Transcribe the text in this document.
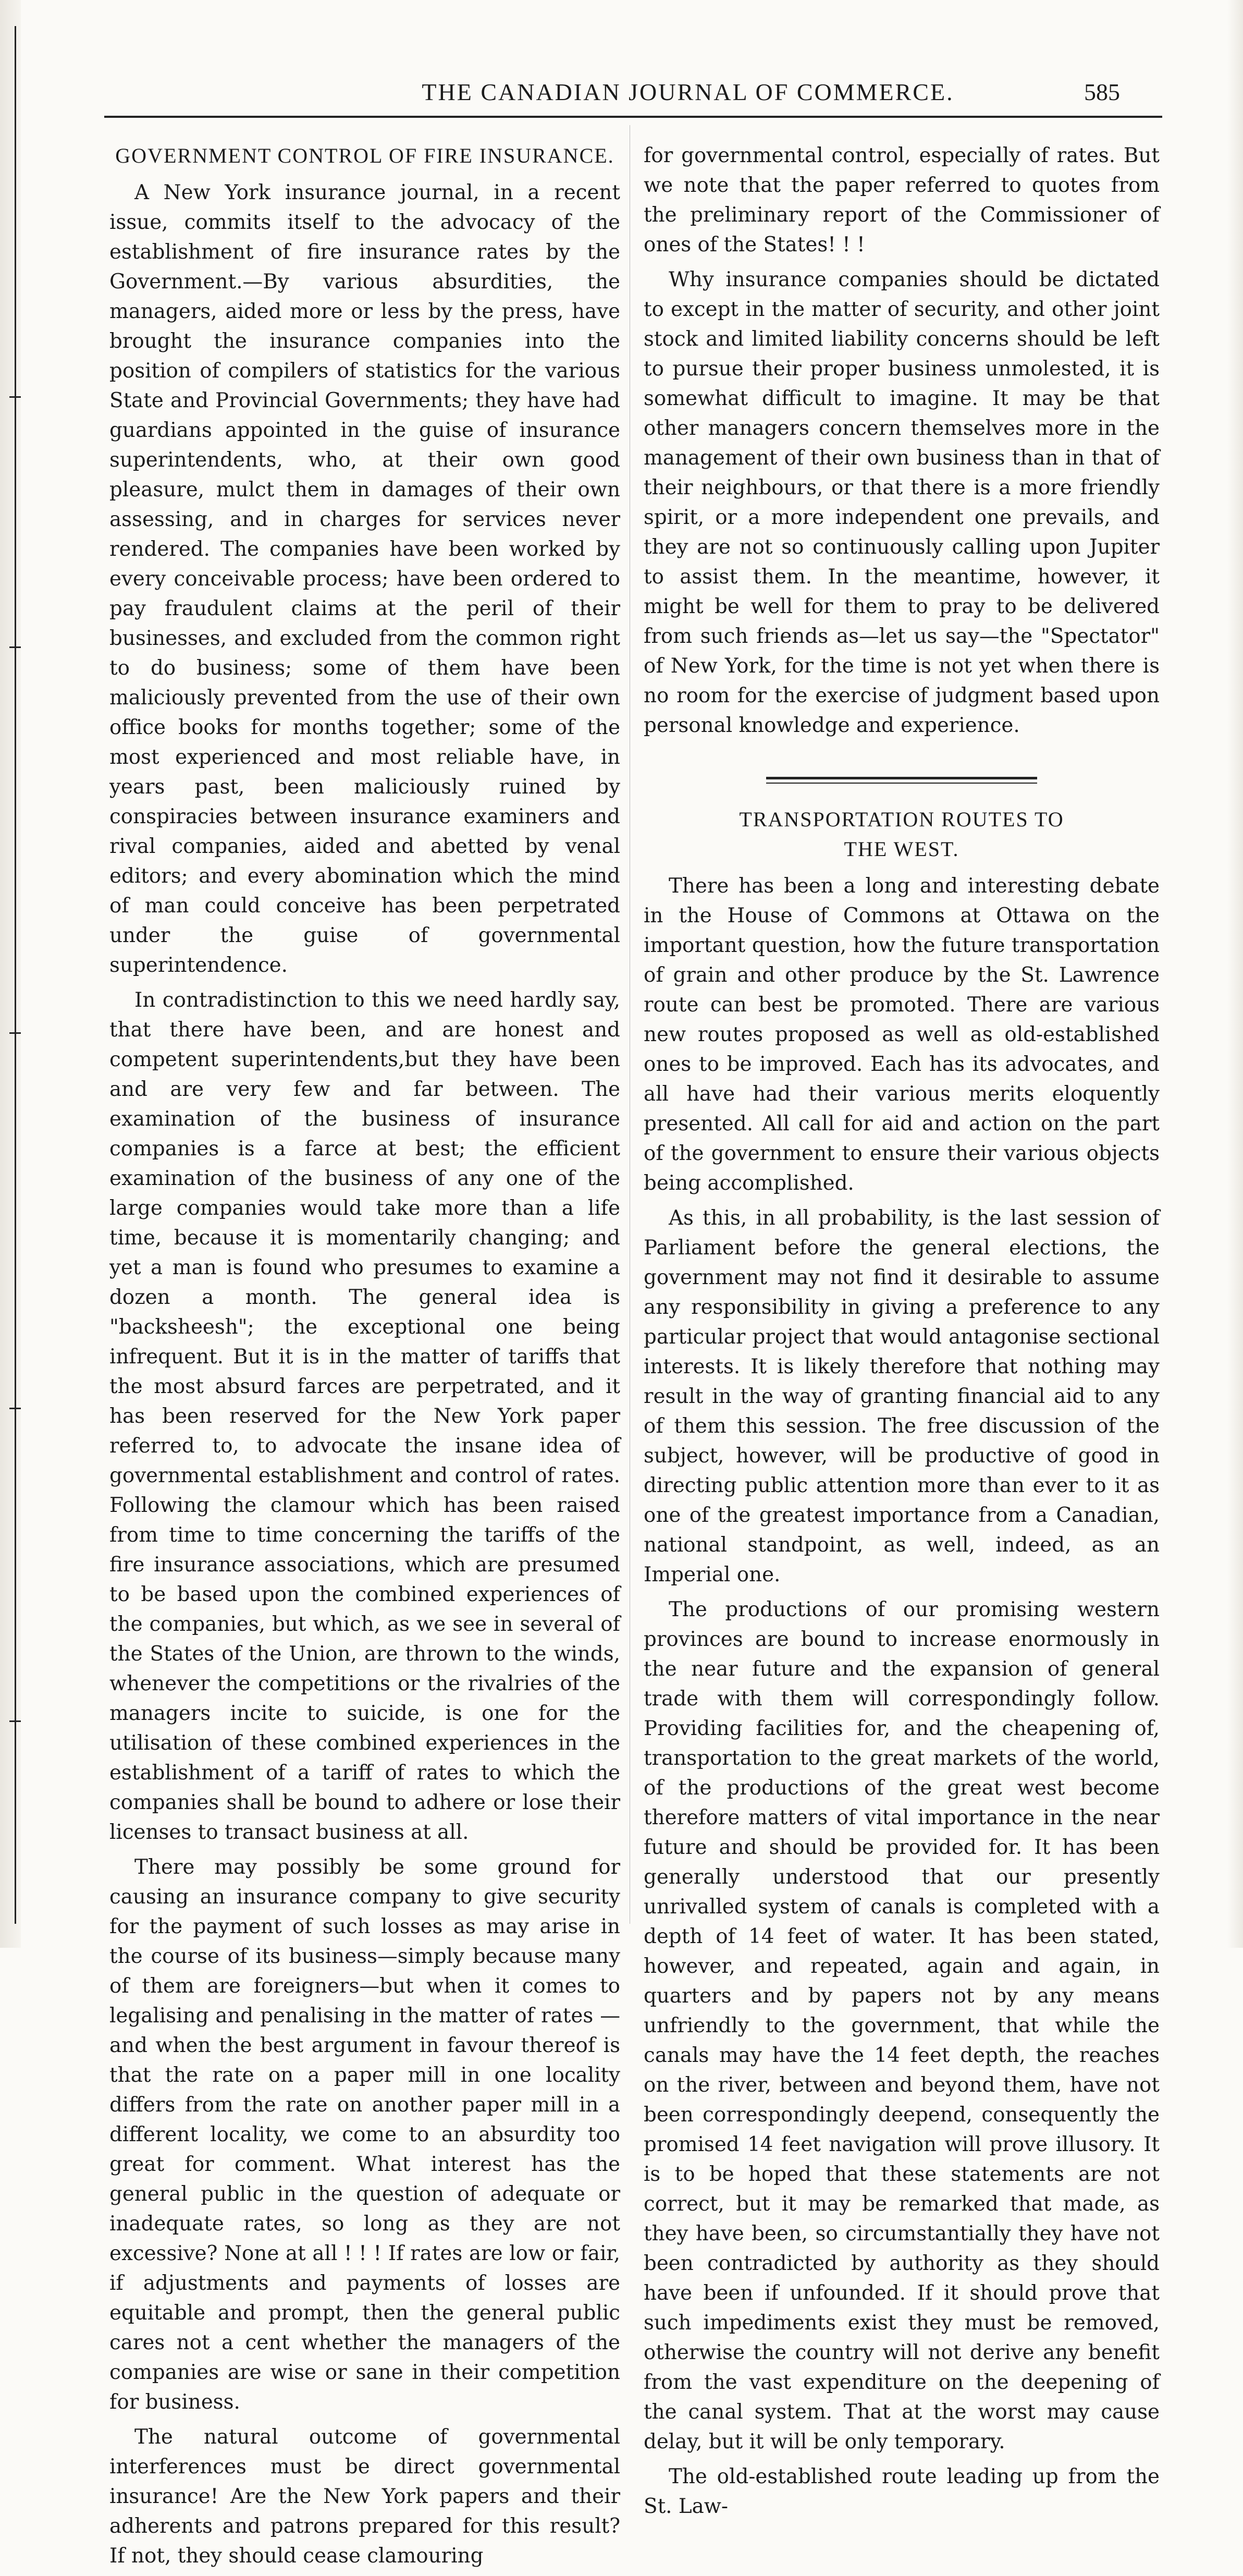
THE CANADIAN JOURNAL OF COMMERCE.	585
GOVERNMENT CONTROL OF FIRE INSURANCE.

A New York insurance journal, in a recent issue, commits itself to the advocacy of the establishment of fire insurance rates by the Government.—By various absurdities, the managers, aided more or less by the press, have brought the insurance companies into the position of compilers of statistics for the various State and Provincial Governments; they have had guardians appointed in the guise of insurance superintendents, who, at their own good pleasure, mulct them in damages of their own assessing, and in charges for services never rendered. The companies have been worked by every conceivable process; have been ordered to pay fraudulent claims at the peril of their businesses, and excluded from the common right to do business; some of them have been maliciously prevented from the use of their own office books for months together; some of the most experienced and most reliable have, in years past, been maliciously ruined by conspiracies between insurance examiners and rival companies, aided and abetted by venal editors; and every abomination which the mind of man could conceive has been perpetrated under the guise of governmental superintendence.

In contradistinction to this we need hardly say, that there have been, and are honest and competent superintendents,but they have been and are very few and far between. The examination of the business of insurance companies is a farce at best; the efficient examination of the business of any one of the large companies would take more than a life time, because it is momentarily changing; and yet a man is found who presumes to examine a dozen a month. The general idea is "backsheesh"; the exceptional one being infrequent. But it is in the matter of tariffs that the most absurd farces are perpetrated, and it has been reserved for the New York paper referred to, to advocate the insane idea of governmental establishment and control of rates. Following the clamour which has been raised from time to time concerning the tariffs of the fire insurance associations, which are presumed to be based upon the combined experiences of the companies, but which, as we see in several of the States of the Union, are thrown to the winds, whenever the competitions or the rivalries of the managers incite to suicide, is one for the utilisation of these combined experiences in the establishment of a tariff of rates to which the companies shall be bound to adhere or lose their licenses to transact business at all.

There may possibly be some ground for causing an insurance company to give security for the payment of such losses as may arise in the course of its business—simply because many of them are foreigners—but when it comes to legalising and penalising in the matter of rates —and when the best argument in favour thereof is that the rate on a paper mill in one locality differs from the rate on another paper mill in a different locality, we come to an absurdity too great for comment. What interest has the general public in the question of adequate or inadequate rates, so long as they are not excessive? None at all ! ! ! If rates are low or fair, if adjustments and payments of losses are equitable and prompt, then the general public cares not a cent whether the managers of the companies are wise or sane in their competition for business.

The natural outcome of governmental interferences must be direct governmental insurance! Are the New York papers and their adherents and patrons prepared for this result? If not, they should cease clamouring

for governmental control, especially of rates. But we note that the paper referred to quotes from the preliminary report of the Commissioner of ones of the States! ! !

Why insurance companies should be dictated to except in the matter of security, and other joint stock and limited liability concerns should be left to pursue their proper business unmolested, it is somewhat difficult to imagine. It may be that other managers concern themselves more in the management of their own business than in that of their neighbours, or that there is a more friendly spirit, or a more independent one prevails, and they are not so continuously calling upon Jupiter to assist them. In the meantime, however, it might be well for them to pray to be delivered from such friends as—let us say—the "Spectator" of New York, for the time is not yet when there is no room for the exercise of judgment based upon personal knowledge and experience.

TRANSPORTATION ROUTES TO
THE WEST.

There has been a long and interesting debate in the House of Commons at Ottawa on the important question, how the future transportation of grain and other produce by the St. Lawrence route can best be promoted. There are various new routes proposed as well as old-established ones to be improved. Each has its advocates, and all have had their various merits eloquently presented. All call for aid and action on the part of the government to ensure their various objects being accomplished.

As this, in all probability, is the last session of Parliament before the general elections, the government may not find it desirable to assume any responsibility in giving a preference to any particular project that would antagonise sectional interests. It is likely therefore that nothing may result in the way of granting financial aid to any of them this session. The free discussion of the subject, however, will be productive of good in directing public attention more than ever to it as one of the greatest importance from a Canadian, national standpoint, as well, indeed, as an Imperial one.

The productions of our promising western provinces are bound to increase enormously in the near future and the expansion of general trade with them will correspondingly follow. Providing facilities for, and the cheapening of, transportation to the great markets of the world, of the productions of the great west become therefore matters of vital importance in the near future and should be provided for. It has been generally understood that our presently unrivalled system of canals is completed with a depth of 14 feet of water. It has been stated, however, and repeated, again and again, in quarters and by papers not by any means unfriendly to the government, that while the canals may have the 14 feet depth, the reaches on the river, between and beyond them, have not been correspondingly deepend, consequently the promised 14 feet navigation will prove illusory. It is to be hoped that these statements are not correct, but it may be remarked that made, as they have been, so circumstantially they have not been contradicted by authority as they should have been if unfounded. If it should prove that such impediments exist they must be removed, otherwise the country will not derive any benefit from the vast expenditure on the deepening of the canal system. That at the worst may cause delay, but it will be only temporary.

The old-established route leading up from the St. Law-
